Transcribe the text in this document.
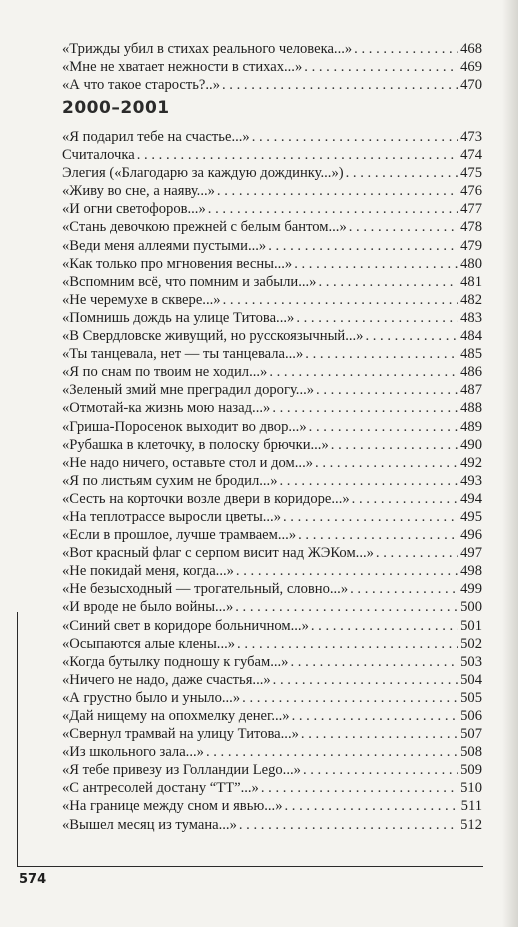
«Трижды убил в стихах реального человека...» . . .	468
«Мне не хватает нежности в стихах...» . . .	469
«А что такое старость?..» . . .	470
2000–2001
«Я подарил тебе на счастье...» . . .	473
Считалочка . . .	474
Элегия («Благодарю за каждую дождинку...») . . .	475
«Живу во сне, а наяву...» . . .	476
«И огни светофоров...» . . .	477
«Стань девочкою прежней с белым бантом...» . . .	478
«Веди меня аллеями пустыми...» . . .	479
«Как только про мгновения весны...» . . .	480
«Вспомним всё, что помним и забыли...» . . .	481
«Не черемухе в сквере...» . . .	482
«Помнишь дождь на улице Титова...» . . .	483
«В Свердловске живущий, но русскоязычный...» . . .	484
«Ты танцевала, нет — ты танцевала...» . . .	485
«Я по снам по твоим не ходил...» . . .	486
«Зеленый змий мне преградил дорогу...» . . .	487
«Отмотай-ка жизнь мою назад...» . . .	488
«Гриша-Поросенок выходит во двор...» . . .	489
«Рубашка в клеточку, в полоску брючки...» . . .	490
«Не надо ничего, оставьте стол и дом...» . . .	492
«Я по листьям сухим не бродил...» . . .	493
«Сесть на корточки возле двери в коридоре...» . . .	494
«На теплотрассе выросли цветы...» . . .	495
«Если в прошлое, лучше трамваем...» . . .	496
«Вот красный флаг с серпом висит над ЖЭКом...» . . .	497
«Не покидай меня, когда...» . . .	498
«Не безысходный — трогательный, словно...» . . .	499
«И вроде не было войны...» . . .	500
«Синий свет в коридоре больничном...» . . .	501
«Осыпаются алые клены...» . . .	502
«Когда бутылку подношу к губам...» . . .	503
«Ничего не надо, даже счастья...» . . .	504
«А грустно было и уныло...» . . .	505
«Дай нищему на опохмелку денег...» . . .	506
«Свернул трамвай на улицу Титова...» . . .	507
«Из школьного зала...» . . .	508
«Я тебе привезу из Голландии Lego...» . . .	509
«С антресолей достану “ТТ”...» . . .	510
«На границе между сном и явью...» . . .	511
«Вышел месяц из тумана...» . . .	512
574
